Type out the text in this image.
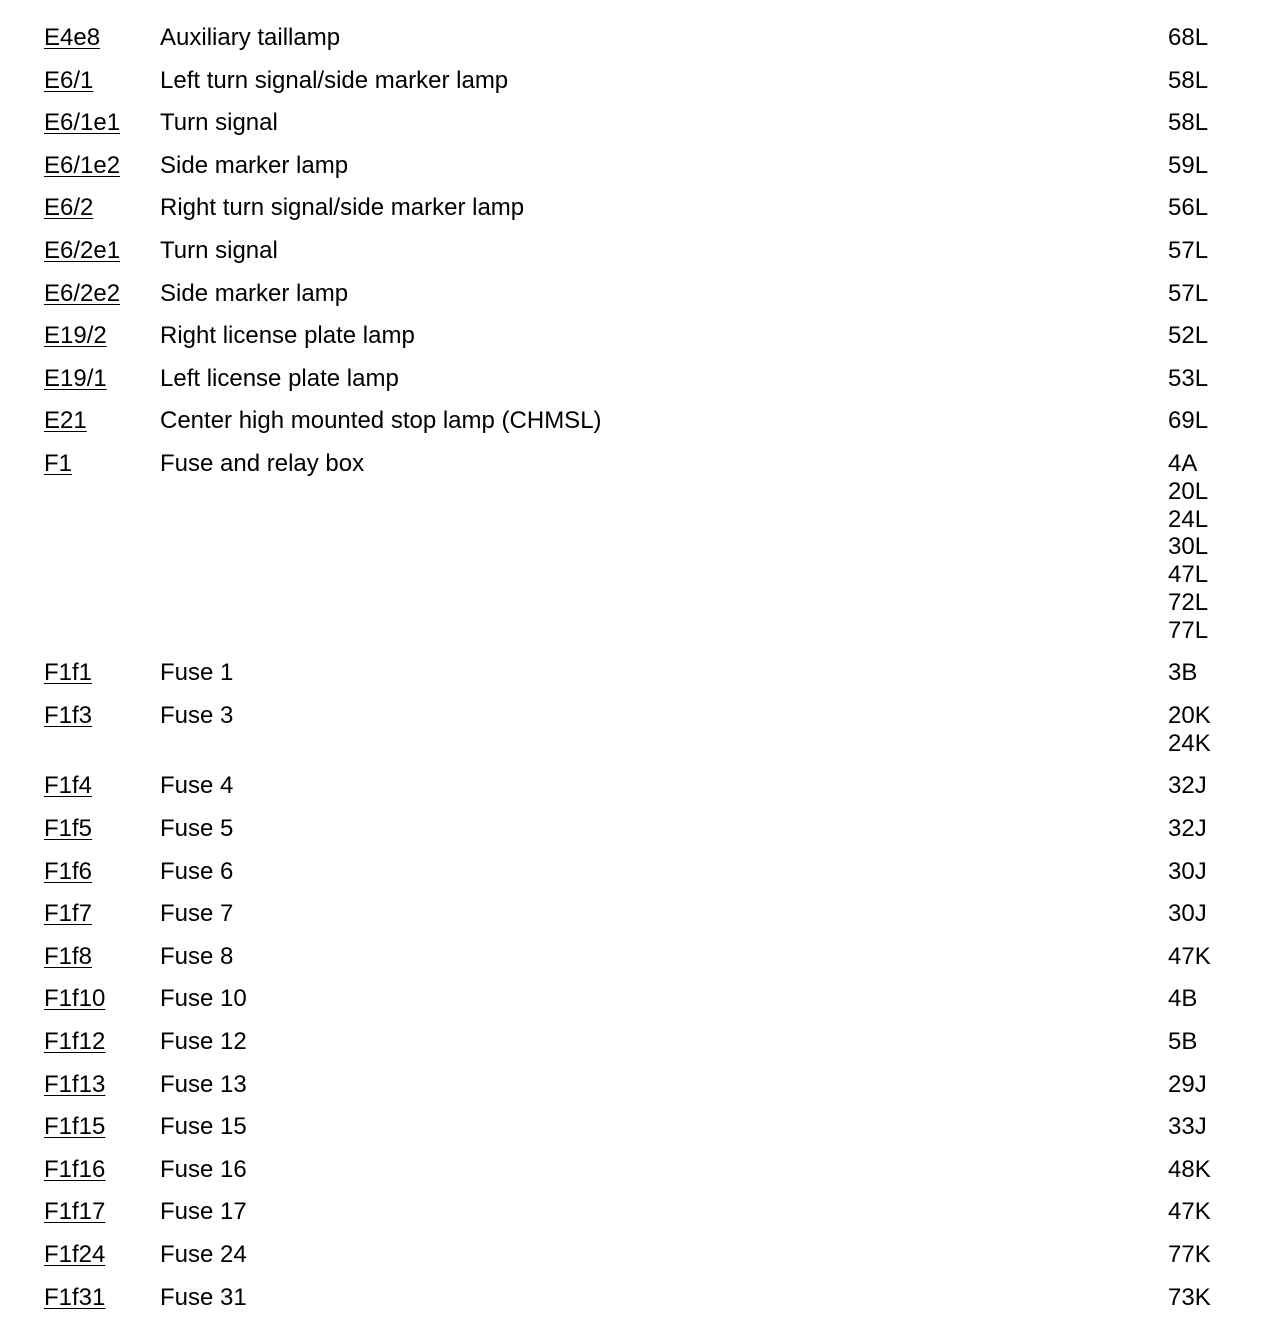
E4e8 Auxiliary taillamp	68L
E6/1	Left turn signal/side marker lamp	58L
E6/1e1 Turn signal	58L
E6/1e2 Side marker lamp	59L
E6/2	Right turn signal/side marker lamp	56L
E6/2e1 Turn signal	57L
E6/2e2 Side marker lamp	57L
E19/2 Right license plate lamp	52L
E19/1 Left license plate lamp	53L
E21	Center high mounted stop lamp (CHMSL)	69L
F1	Fuse and relay box	4A
20L
24L
30L
47L
72L
77L
F1f1	Fuse 1	3B
F1f3	Fuse 3	20K
24K
F1f4	Fuse 4	32J
F1f5	Fuse 5	32J
F1f6	Fuse 6	30J
F1f7	Fuse 7	30J
F1f8	Fuse 8	47K
F1f10 Fuse 10	4B
F1f12 Fuse 12	5B
F1f13 Fuse 13	29J
F1f15 Fuse 15	33J
F1f16 Fuse 16	48K
F1f17 Fuse 17	47K
F1f24 Fuse 24	77K
F1f31 Fuse 31	73K
